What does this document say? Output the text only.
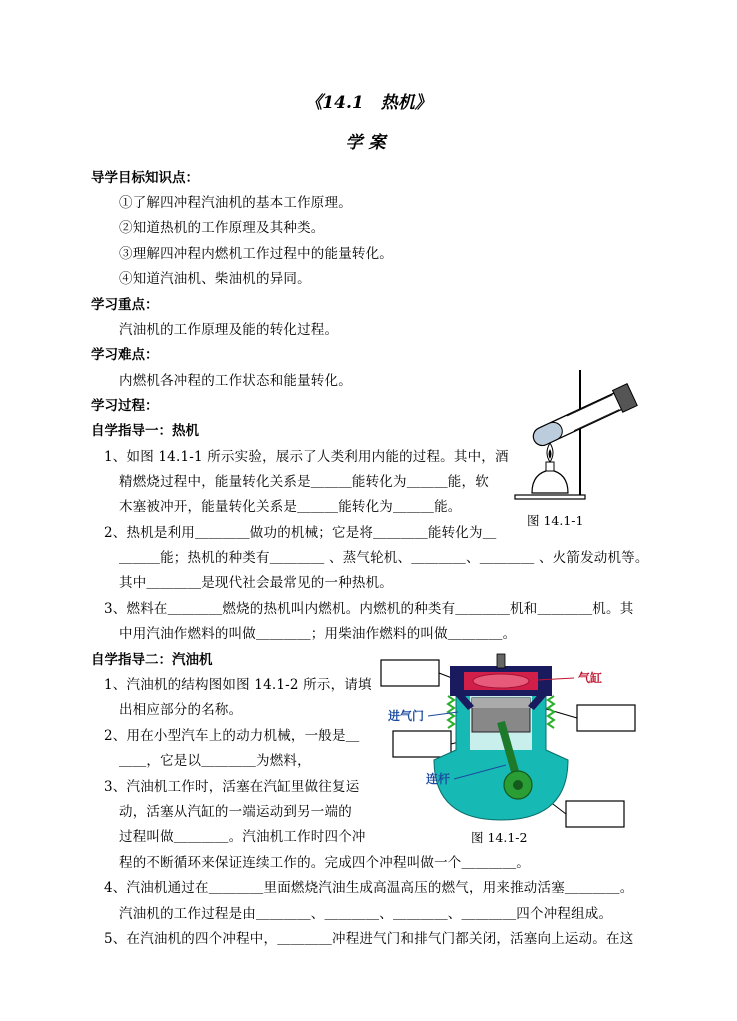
《14.1　热机》
学案
导学目标知识点：
①了解四冲程汽油机的基本工作原理。
②知道热机的工作原理及其种类。
③理解四冲程内燃机工作过程中的能量转化。
④知道汽油机、柴油机的异同。
学习重点：
汽油机的工作原理及能的转化过程。
学习难点：
内燃机各冲程的工作状态和能量转化。
学习过程：
自学指导一：热机
1、如图 14.1-1 所示实验，展示了人类利用内能的过程。其中，酒
精燃烧过程中，能量转化关系是＿＿＿能转化为＿＿＿能，软
木塞被冲开，能量转化关系是＿＿＿能转化为＿＿＿能。
2、热机是利用＿＿＿＿做功的机械；它是将＿＿＿＿能转化为＿
＿＿＿能；热机的种类有＿＿＿＿ 、蒸气轮机、＿＿＿＿、＿＿＿＿ 、火箭发动机等。
其中＿＿＿＿是现代社会最常见的一种热机。
3、燃料在＿＿＿＿燃烧的热机叫内燃机。内燃机的种类有＿＿＿＿机和＿＿＿＿机。其
中用汽油作燃料的叫做＿＿＿＿；用柴油作燃料的叫做＿＿＿＿。
图 14.1-1
自学指导二：汽油机
1、汽油机的结构图如图 14.1-2 所示，请填
出相应部分的名称。
2、用在小型汽车上的动力机械，一般是＿
＿＿，它是以＿＿＿＿为燃料，
3、汽油机工作时，活塞在汽缸里做往复运
动，活塞从汽缸的一端运动到另一端的
过程叫做＿＿＿＿。汽油机工作时四个冲
程的不断循环来保证连续工作的。完成四个冲程叫做一个＿＿＿＿。
4、汽油机通过在＿＿＿＿里面燃烧汽油生成高温高压的燃气，用来推动活塞＿＿＿＿。
汽油机的工作过程是由＿＿＿＿、＿＿＿＿、＿＿＿＿、＿＿＿＿四个冲程组成。
5、在汽油机的四个冲程中，＿＿＿＿冲程进气门和排气门都关闭，活塞向上运动。在这
气缸
进气门
连杆
图 14.1-2
